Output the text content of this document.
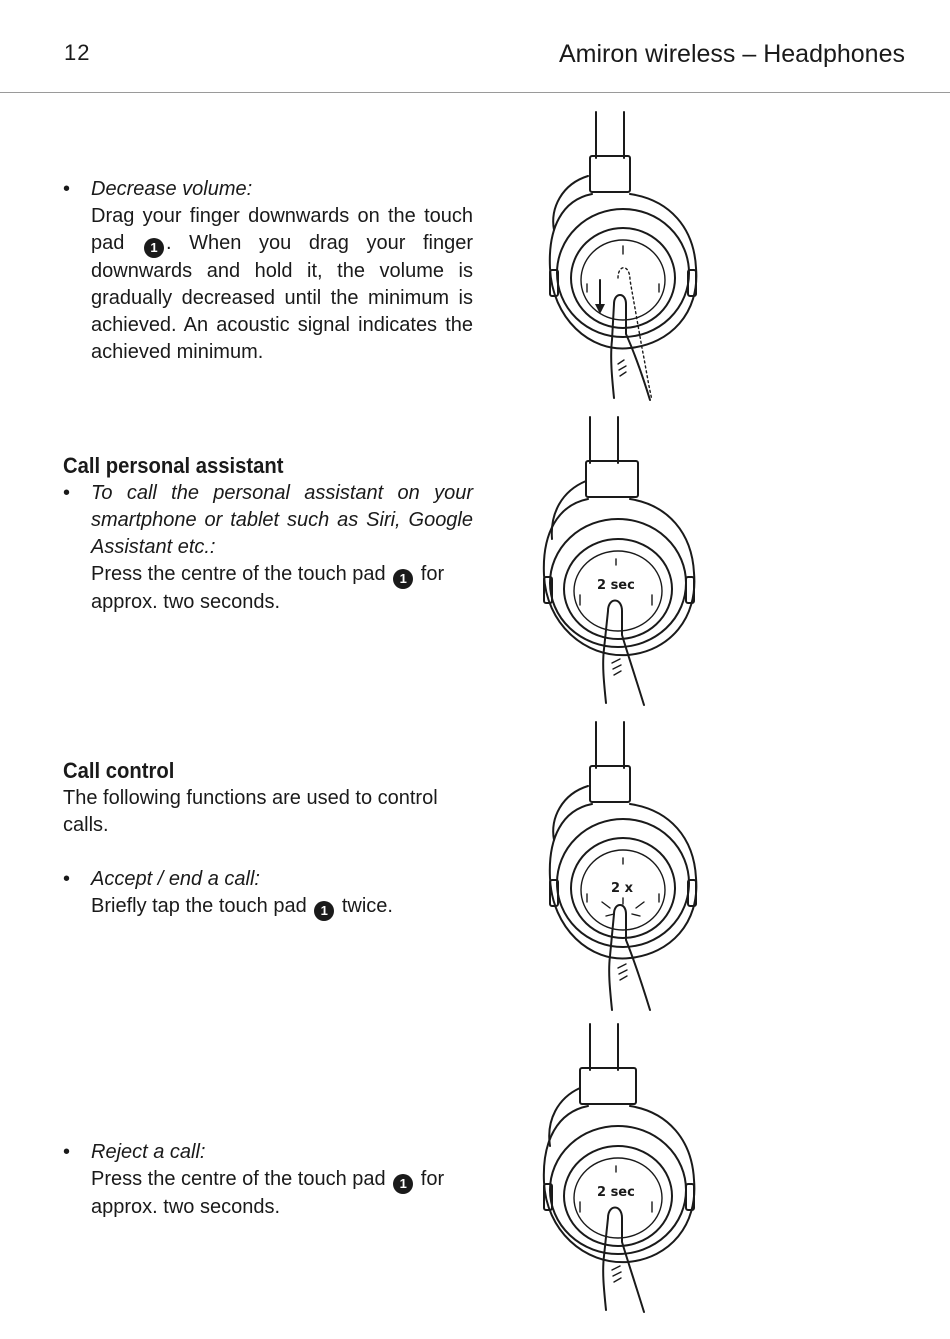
12	Amiron wireless – Headphones
• Decrease volume:

Drag your finger downwards on the touch pad 1 . When you drag your finger downwards and hold it, the volume is gradually decreased until the minimum is achieved. An acoustic signal indicates the achieved minimum.

Call personal assistant
• To call the personal assistant on your smartphone or tablet such as Siri, Google Assistant etc.:

Press the centre of the touch pad 1 for approx. two seconds.

Call control

The following functions are used to control calls.

• Accept / end a call:

Briefly tap the touch pad 1 twice.

• Reject a call:

Press the centre of the touch pad 1 for approx. two seconds.

2 sec
2 x
2 sec
